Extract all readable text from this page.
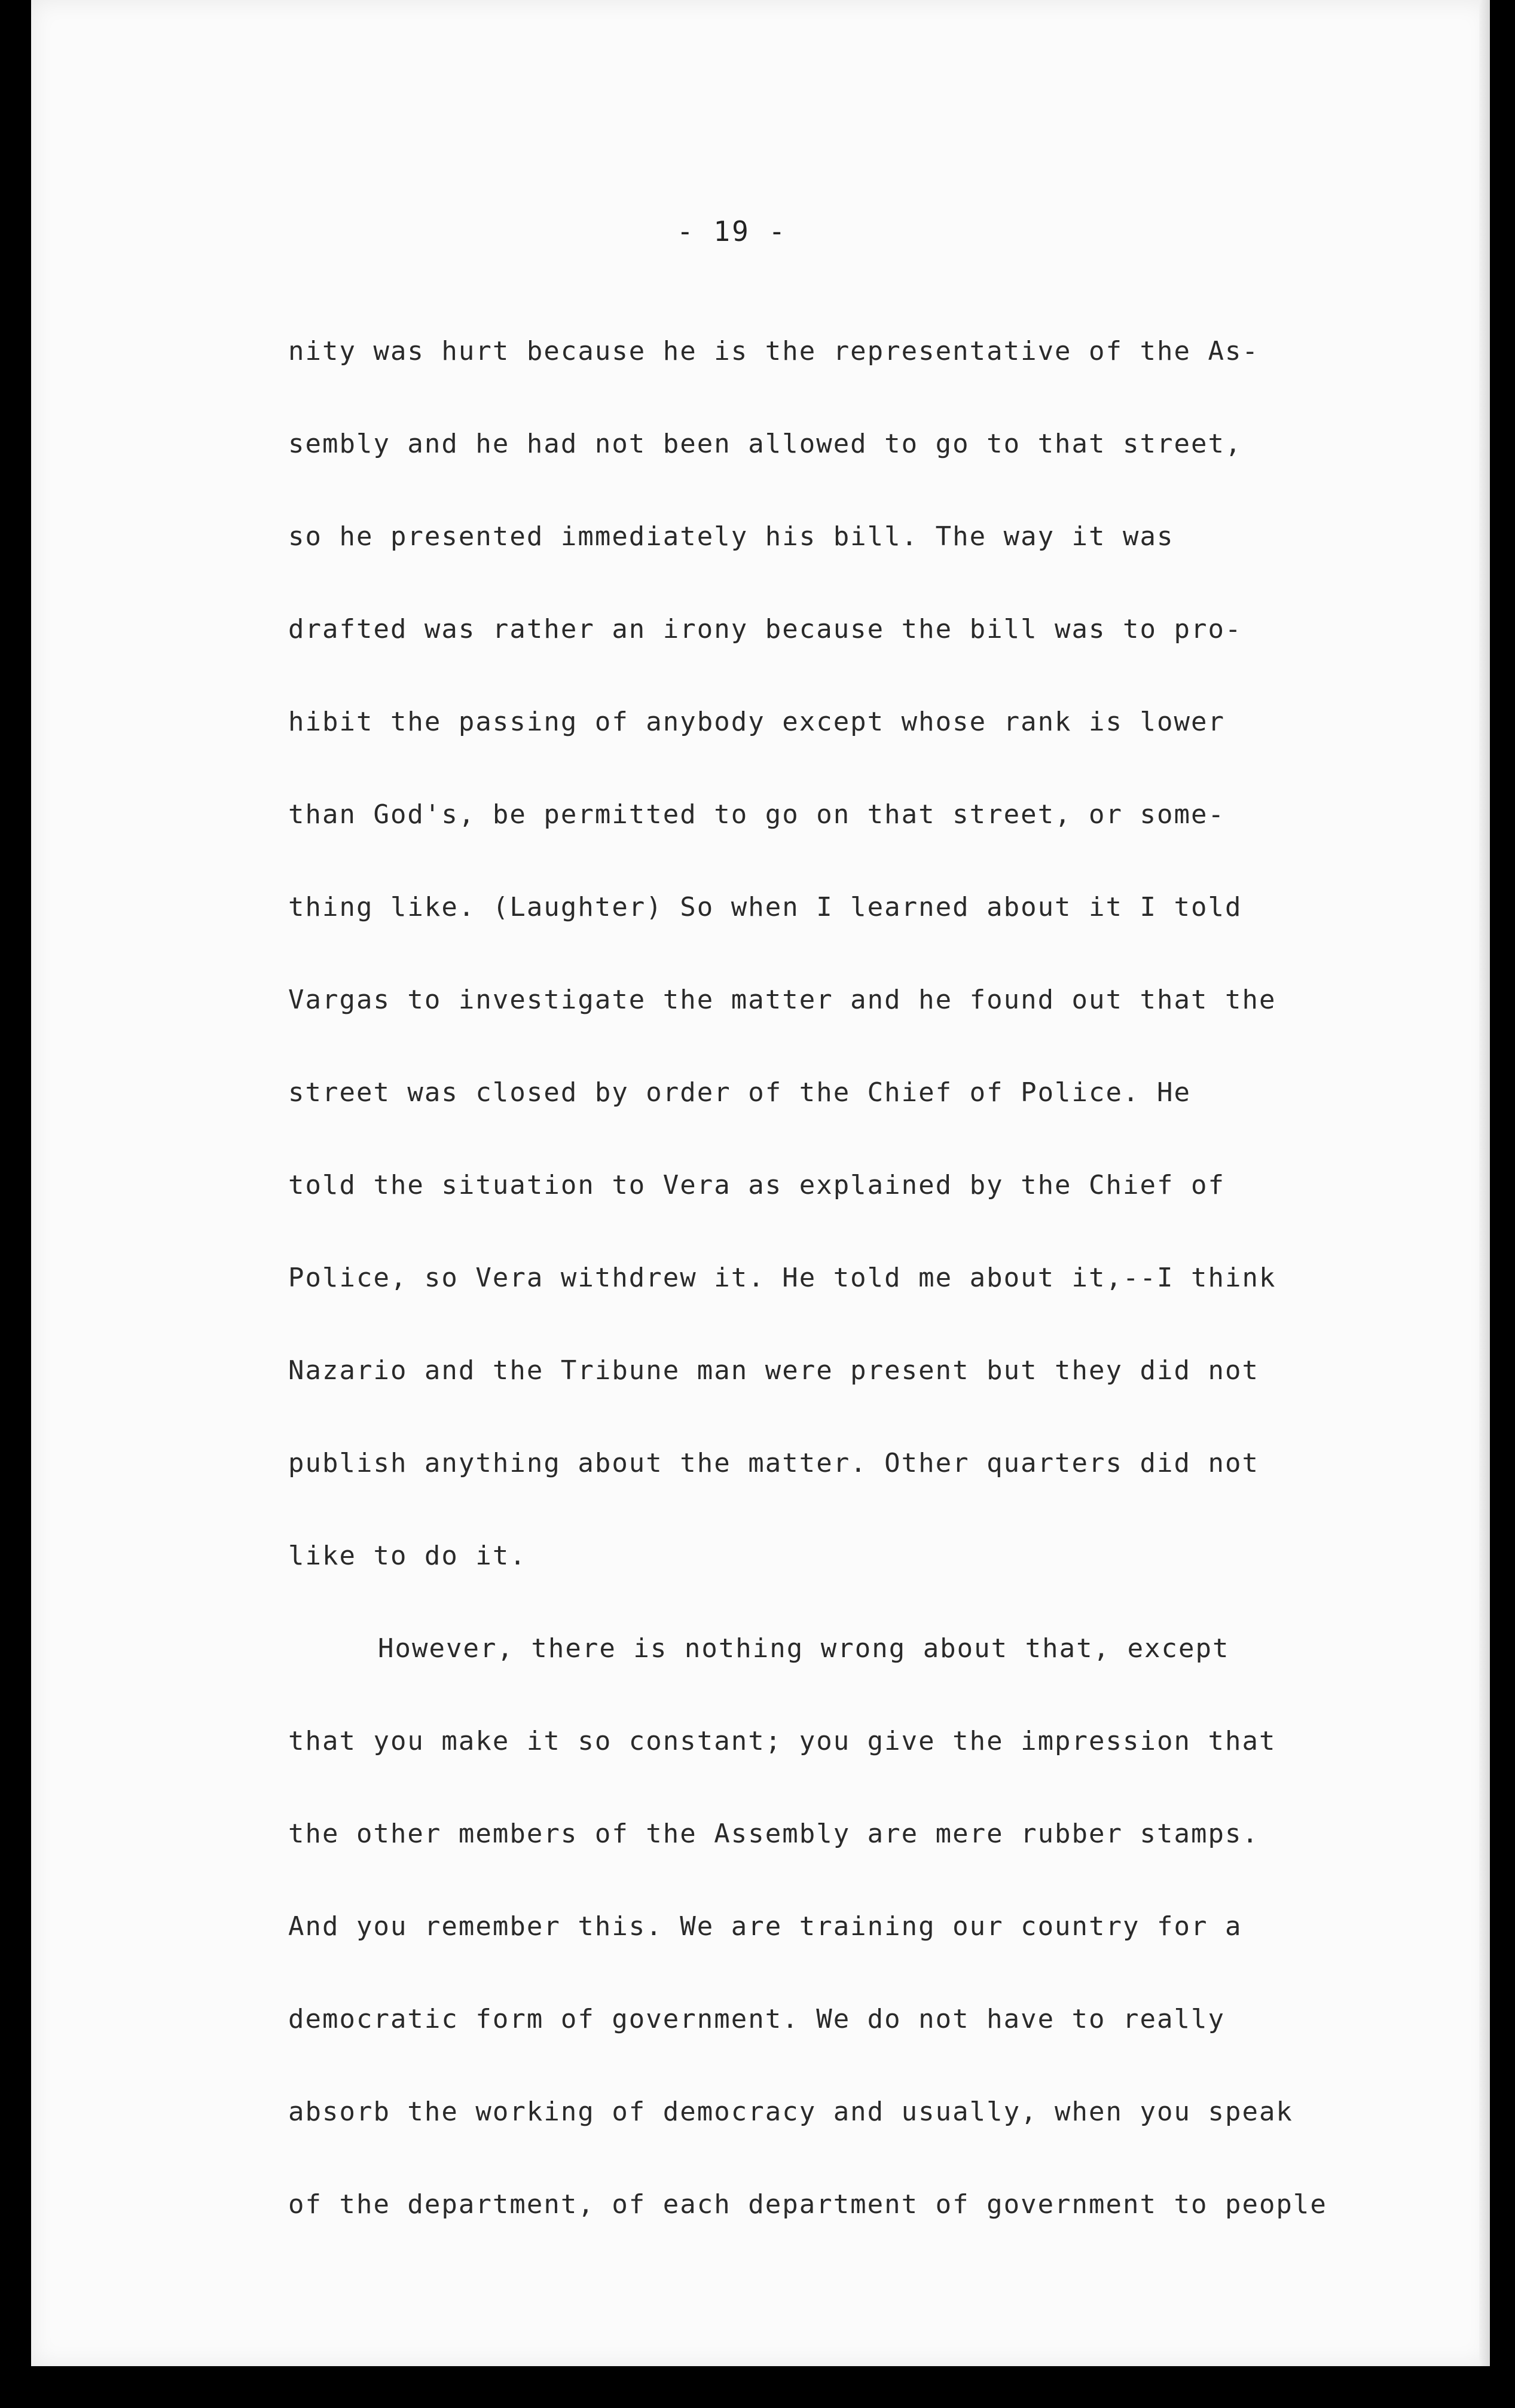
- 19 -
nity was hurt because he is the representative of the As-
sembly and he had not been allowed to go to that street,
so he presented immediately his bill. The way it was
drafted was rather an irony because the bill was to pro-
hibit the passing of anybody except whose rank is lower
than God's, be permitted to go on that street, or some-
thing like. (Laughter) So when I learned about it I told
Vargas to investigate the matter and he found out that the
street was closed by order of the Chief of Police. He
told the situation to Vera as explained by the Chief of
Police, so Vera withdrew it. He told me about it,--I think
Nazario and the Tribune man were present but they did not
publish anything about the matter. Other quarters did not
like to do it.
However, there is nothing wrong about that, except
that you make it so constant; you give the impression that
the other members of the Assembly are mere rubber stamps.
And you remember this. We are training our country for a
democratic form of government. We do not have to really
absorb the working of democracy and usually, when you speak
of the department, of each department of government to people
